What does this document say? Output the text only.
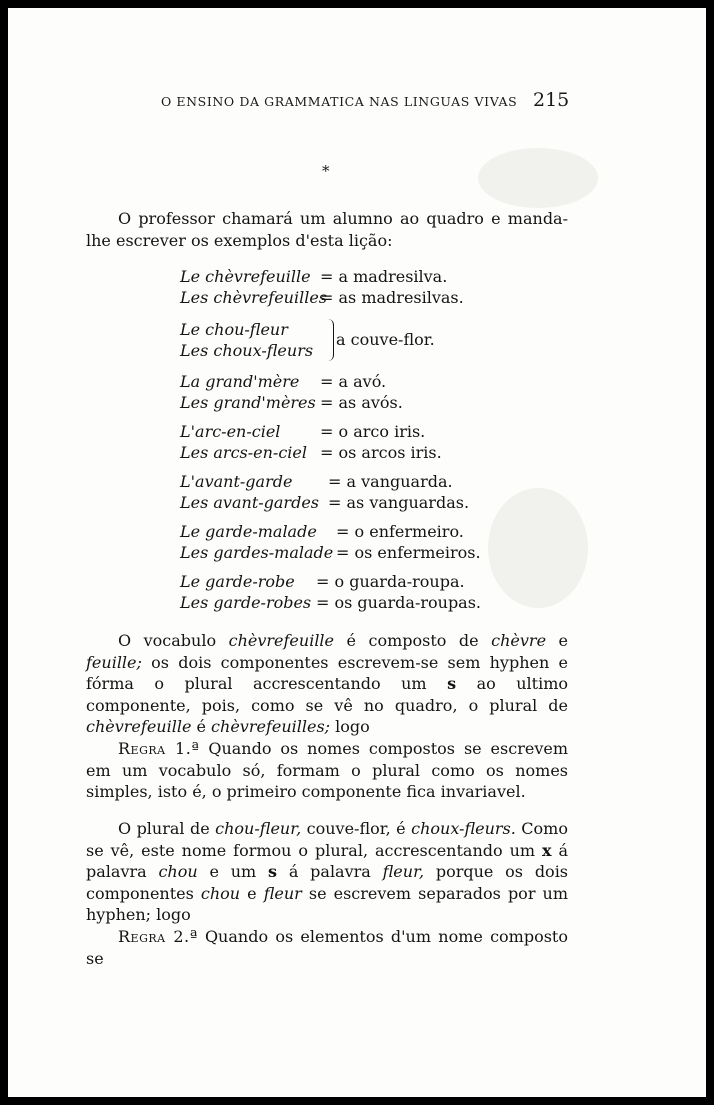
O ENSINO DA GRAMMATICA NAS LINGUAS VIVAS 215
*

O professor chamará um alumno ao quadro e manda-lhe escrever os exemplos d'esta lição:

Le chèvrefeuille	= a madresilva.
Les chèvrefeuilles = as madresilvas.
Le chou-fleur
Les choux-fleurs
a couve-flor.
La grand'mère	= a avó.
Les grand'mères	= as avós.
L'arc-en-ciel	= o arco iris.
Les arcs-en-ciel	= os arcos iris.
L'avant-garde	= a vanguarda.
Les avant-gardes	= as vanguardas.
Le garde-malade	= o enfermeiro.
Les gardes-malade	= os enfermeiros.
Le garde-robe	= o guarda-roupa.
Les garde-robes	= os guarda-roupas.

O vocabulo chèvrefeuille é composto de chèvre e feuille; os dois componentes escrevem-se sem hyphen e fórma o plural accrescentando um s ao ultimo componente, pois, como se vê no quadro, o plural de chèvrefeuille é chèvrefeuilles; logo

Regra 1.ª Quando os nomes compostos se escrevem em um vocabulo só, formam o plural como os nomes simples, isto é, o primeiro componente fica invariavel.

O plural de chou-fleur, couve-flor, é choux-fleurs. Como se vê, este nome formou o plural, accrescentando um x á palavra chou e um s á palavra fleur, porque os dois componentes chou e fleur se escrevem separados por um hyphen; logo

Regra 2.ª Quando os elementos d'um nome composto se
